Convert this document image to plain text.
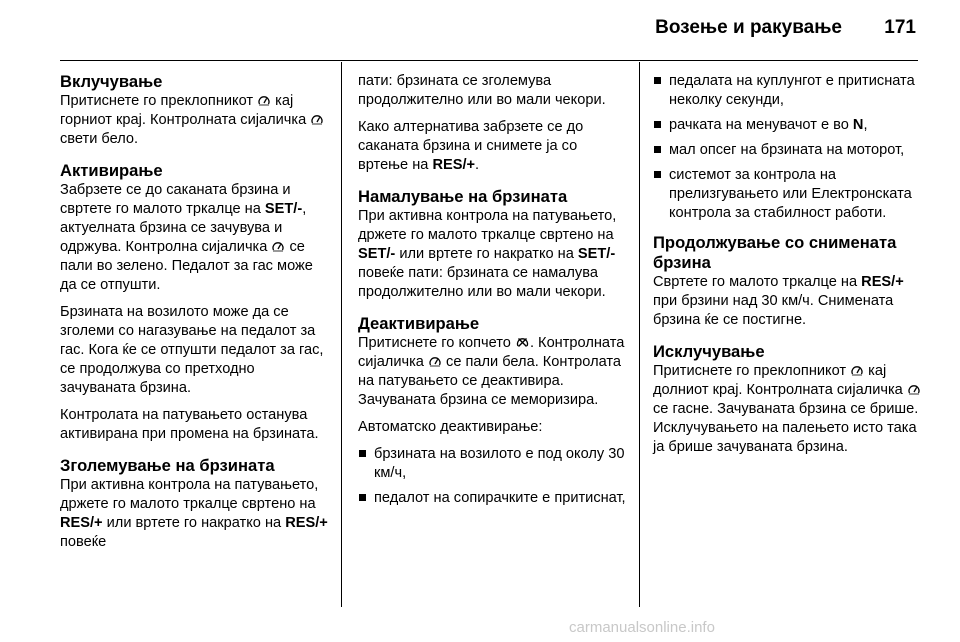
Возење и ракување 171
Вклучување

Притиснете го преклопникот  кај горниот крај. Контролната сијаличка  свети бело.

Активирање

Забрзете се до саканата брзина и свртете го малото тркалце на SET/-, актуелната брзина се зачувува и одржува. Контролна сијаличка  се пали во зелено. Педалот за гас може да се отпушти.

Брзината на возилото може да се зголеми со нагазување на педалот за гас. Кога ќе се отпушти педалот за гас, се продолжува со претходно зачуваната брзина.

Контролата на патувањето останува активирана при промена на брзината.

Зголемување на брзината

При активна контрола на патувањето, држете го малото тркалце свртено на RES/+ или вртете го накратко на RES/+ повеќе

пати: брзината се зголемува продолжително или во мали чекори.

Како алтернатива забрзете се до саканата брзина и снимете ја со вртење на RES/+.

Намалување на брзината

При активна контрола на патувањето, држете го малото тркалце свртено на SET/- или вртете го накратко на SET/- повеќе пати: брзината се намалува продолжително или во мали чекори.

Деактивирање

Притиснете го копчето . Контролната сијаличка  се пали бела. Контролата на патувањето се деактивира. Зачуваната брзина се меморизира.

Автоматско деактивирање:

брзината на возилото е под околу 30 км/ч,
педалот на сопирачките е притиснат,
педалата на куплунгот е притисната неколку секунди,
рачката на менувачот е во N,
мал опсег на брзината на моторот,
системот за контрола на прелизгувањето или Електронската контрола за стабилност работи.
Продолжување со снимената брзина

Свртете го малото тркалце на RES/+ при брзини над 30 км/ч. Снимената брзина ќе се постигне.

Исклучување

Притиснете го преклопникот  кај долниот крај. Контролната сијаличка  се гасне. Зачуваната брзина се брише. Исклучувањето на палењето исто така ја брише зачуваната брзина.

carmanualsonline.info
